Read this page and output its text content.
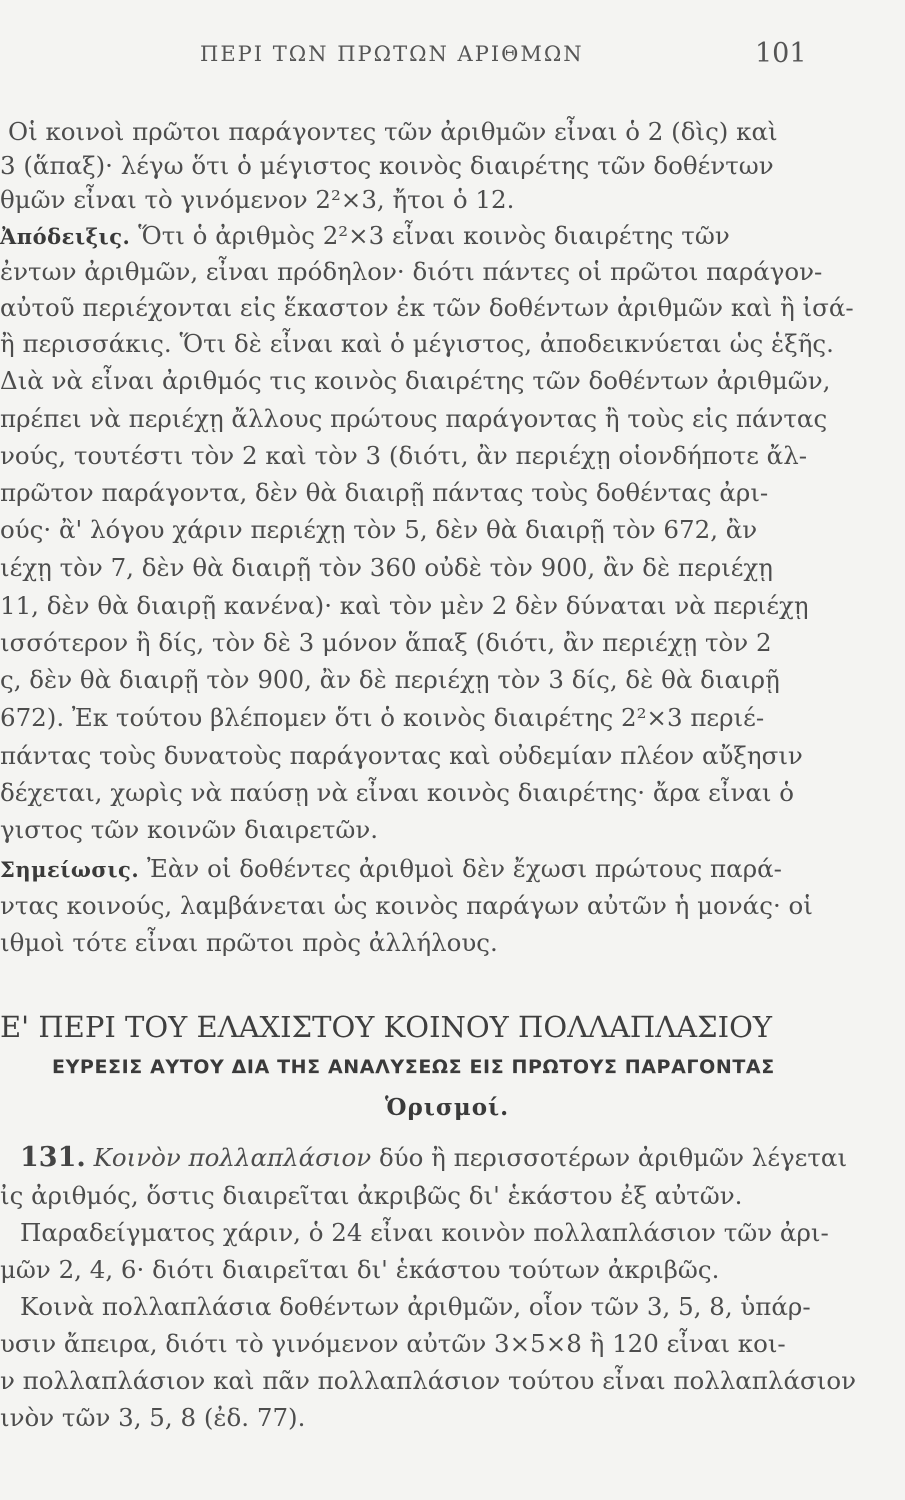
ΠΕΡΙ ΤΩΝ ΠΡΩΤΩΝ ΑΡΙΘΜΩΝ	101
Οἱ κοινοὶ πρῶτοι παράγοντες τῶν ἀριθμῶν εἶναι ὁ 2 (δὶς) καὶ
3 (ἅπαξ)· λέγω ὅτι ὁ μέγιστος κοινὸς διαιρέτης τῶν δοθέντων
θμῶν εἶναι τὸ γινόμενον 2²×3, ἤτοι ὁ 12.
Ἀπόδειξις. Ὅτι ὁ ἀριθμὸς 2²×3 εἶναι κοινὸς διαιρέτης τῶν
ἐντων ἀριθμῶν, εἶναι πρόδηλον· διότι πάντες οἱ πρῶτοι παράγον-
αὐτοῦ περιέχονται εἰς ἕκαστον ἐκ τῶν δοθέντων ἀριθμῶν καὶ ἢ ἰσά-
ἢ περισσάκις. Ὅτι δὲ εἶναι καὶ ὁ μέγιστος, ἀποδεικνύεται ὡς ἑξῆς.
Διὰ νὰ εἶναι ἀριθμός τις κοινὸς διαιρέτης τῶν δοθέντων ἀριθμῶν,
πρέπει νὰ περιέχῃ ἄλλους πρώτους παράγοντας ἢ τοὺς εἰς πάντας
νούς, τουτέστι τὸν 2 καὶ τὸν 3 (διότι, ἂν περιέχῃ οἱονδήποτε ἄλ-
πρῶτον παράγοντα, δὲν θὰ διαιρῇ πάντας τοὺς δοθέντας ἀρι-
ούς· ἂ' λόγου χάριν περιέχῃ τὸν 5, δὲν θὰ διαιρῇ τὸν 672, ἂν
ιέχῃ τὸν 7, δὲν θὰ διαιρῇ τὸν 360 οὐδὲ τὸν 900, ἂν δὲ περιέχῃ
11, δὲν θὰ διαιρῇ κανένα)· καὶ τὸν μὲν 2 δὲν δύναται νὰ περιέχῃ
ισσότερον ἢ δίς, τὸν δὲ 3 μόνον ἅπαξ (διότι, ἂν περιέχῃ τὸν 2
ς, δὲν θὰ διαιρῇ τὸν 900, ἂν δὲ περιέχῃ τὸν 3 δίς, δὲ θὰ διαιρῇ
672). Ἐκ τούτου βλέπομεν ὅτι ὁ κοινὸς διαιρέτης 2²×3 περιέ-
πάντας τοὺς δυνατοὺς παράγοντας καὶ οὐδεμίαν πλέον αὔξησιν
δέχεται, χωρὶς νὰ παύσῃ νὰ εἶναι κοινὸς διαιρέτης· ἄρα εἶναι ὁ
γιστος τῶν κοινῶν διαιρετῶν.
Σημείωσις. Ἐὰν οἱ δοθέντες ἀριθμοὶ δὲν ἔχωσι πρώτους παρά-
ντας κοινούς, λαμβάνεται ὡς κοινὸς παράγων αὐτῶν ἡ μονάς· οἱ
ιθμοὶ τότε εἶναι πρῶτοι πρὸς ἀλλήλους.
Ε' ΠΕΡΙ ΤΟΥ ΕΛΑΧΙΣΤΟΥ ΚΟΙΝΟΥ ΠΟΛΛΑΠΛΑΣΙΟΥ
ΕΥΡΕΣΙΣ ΑΥΤΟΥ ΔΙΑ ΤΗΣ ΑΝΑΛΥΣΕΩΣ ΕΙΣ ΠΡΩΤΟΥΣ ΠΑΡΑΓΟΝΤΑΣ
Ὁρισμοί.
131. Κοινὸν πολλαπλάσιον δύο ἢ περισσοτέρων ἀριθμῶν λέγεται
ἰς ἀριθμός, ὅστις διαιρεῖται ἀκριβῶς δι' ἑκάστου ἐξ αὐτῶν.
Παραδείγματος χάριν, ὁ 24 εἶναι κοινὸν πολλαπλάσιον τῶν ἀρι-
μῶν 2, 4, 6· διότι διαιρεῖται δι' ἑκάστου τούτων ἀκριβῶς.
Κοινὰ πολλαπλάσια δοθέντων ἀριθμῶν, οἷον τῶν 3, 5, 8, ὑπάρ-
υσιν ἄπειρα, διότι τὸ γινόμενον αὐτῶν 3×5×8 ἢ 120 εἶναι κοι-
ν πολλαπλάσιον καὶ πᾶν πολλαπλάσιον τούτου εἶναι πολλαπλάσιον
ινὸν τῶν 3, 5, 8 (ἐδ. 77).
